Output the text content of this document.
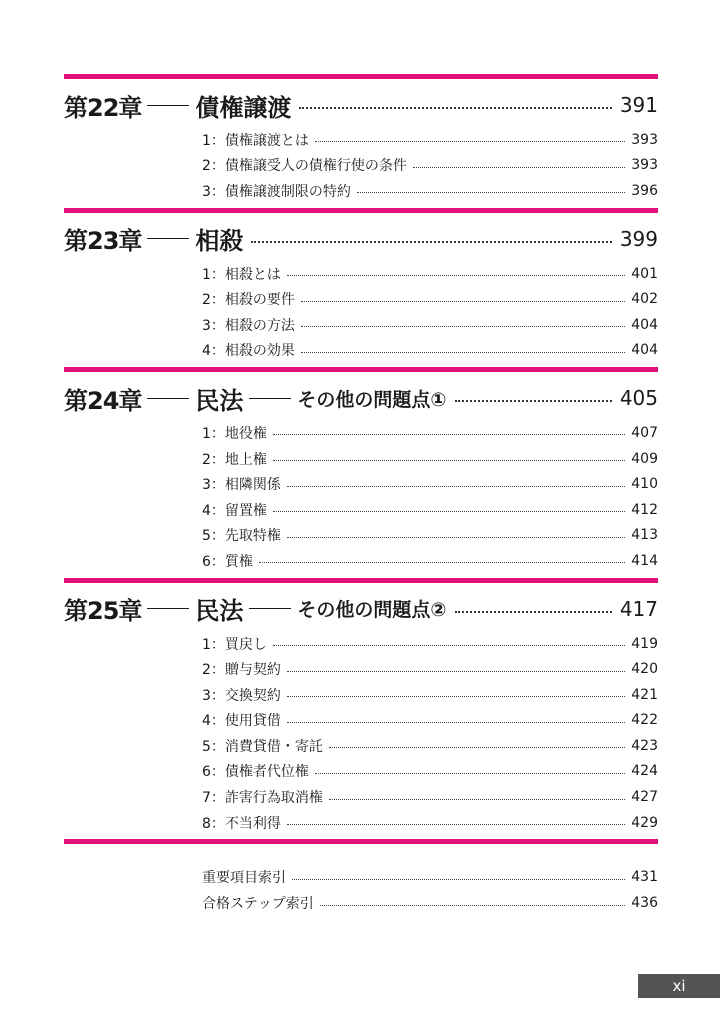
第22章 債権譲渡	391
1： 債権譲渡とは	393
2： 債権譲受人の債権行使の条件	393
3： 債権譲渡制限の特約	396
第23章 相殺	399
1： 相殺とは	401
2： 相殺の要件	402
3： 相殺の方法	404
4： 相殺の効果	404
第24章 民法	その他の問題点①	405
1： 地役権	407
2： 地上権	409
3： 相隣関係	410
4： 留置権	412
5： 先取特権	413
6： 質権	414
第25章 民法	その他の問題点②	417
1： 買戻し	419
2： 贈与契約	420
3： 交換契約	421
4： 使用貸借	422
5： 消費貸借・寄託	423
6： 債権者代位権	424
7： 詐害行為取消権	427
8： 不当利得	429
重要項目索引	431
合格ステップ索引	436
xi
